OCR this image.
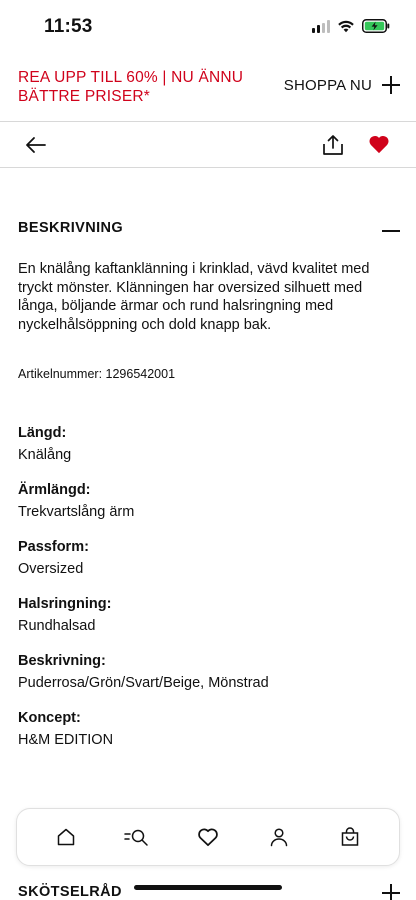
11:53
REA UPP TILL 60% | NU ÄNNU BÄTTRE PRISER*
SHOPPA NU
BESKRIVNING
En knälång kaftanklänning i krinklad, vävd kvalitet med tryckt mönster. Klänningen har oversized silhuett med långa, böljande ärmar och rund halsringning med nyckelhålsöppning och dold knapp bak.
Artikelnummer: 1296542001
Längd:
Knälång
Ärmlängd:
Trekvartslång ärm
Passform:
Oversized
Halsringning:
Rundhalsad
Beskrivning:
Puderrosa/Grön/Svart/Beige, Mönstrad
Koncept:
H&M EDITION
SKÖTSELRÅD
